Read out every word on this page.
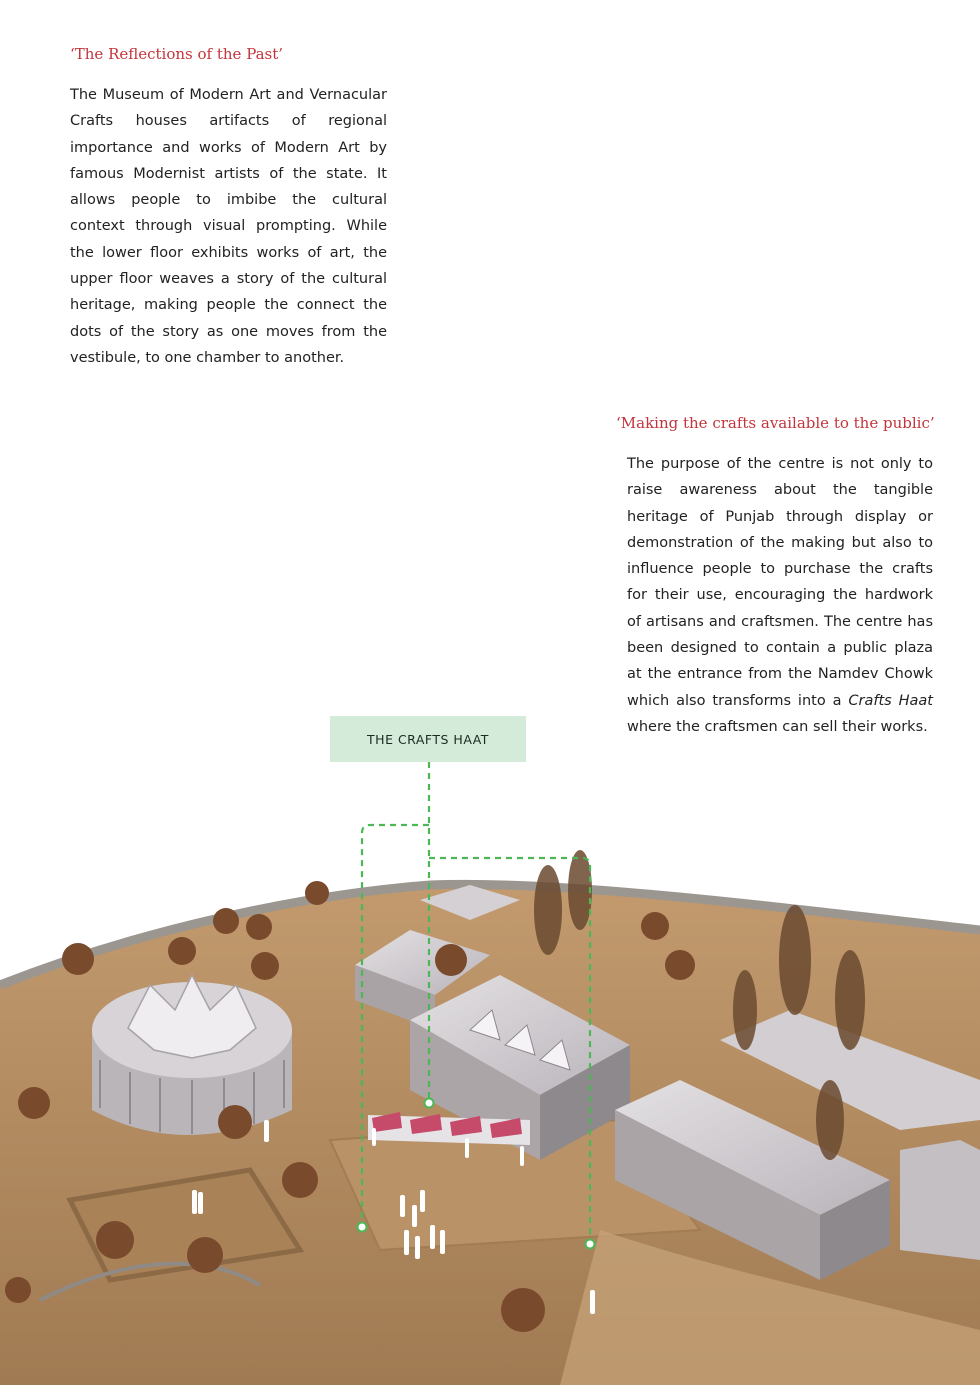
‘The Reflections of the Past’

The Museum of Modern Art and Vernacular Crafts houses artifacts of regional importance and works of Modern Art by famous Modernist artists of the state. It allows people to imbibe the cultural context through visual prompting. While the lower floor exhibits works of art, the upper floor weaves a story of the cultural heritage, making people the connect the dots of the story as one moves from the vestibule, to one chamber to another.

‘Making the crafts available to the public’

The purpose of the centre is not only to raise awareness about the tangible heritage of Punjab through display or demonstration of the making but also to influence people to purchase the crafts for their use, encouraging the hardwork of artisans and craftsmen. The centre has been designed to contain a public plaza at the entrance from the Namdev Chowk which also transforms into a Crafts Haat where the craftsmen can sell their works.

THE CRAFTS HAAT
